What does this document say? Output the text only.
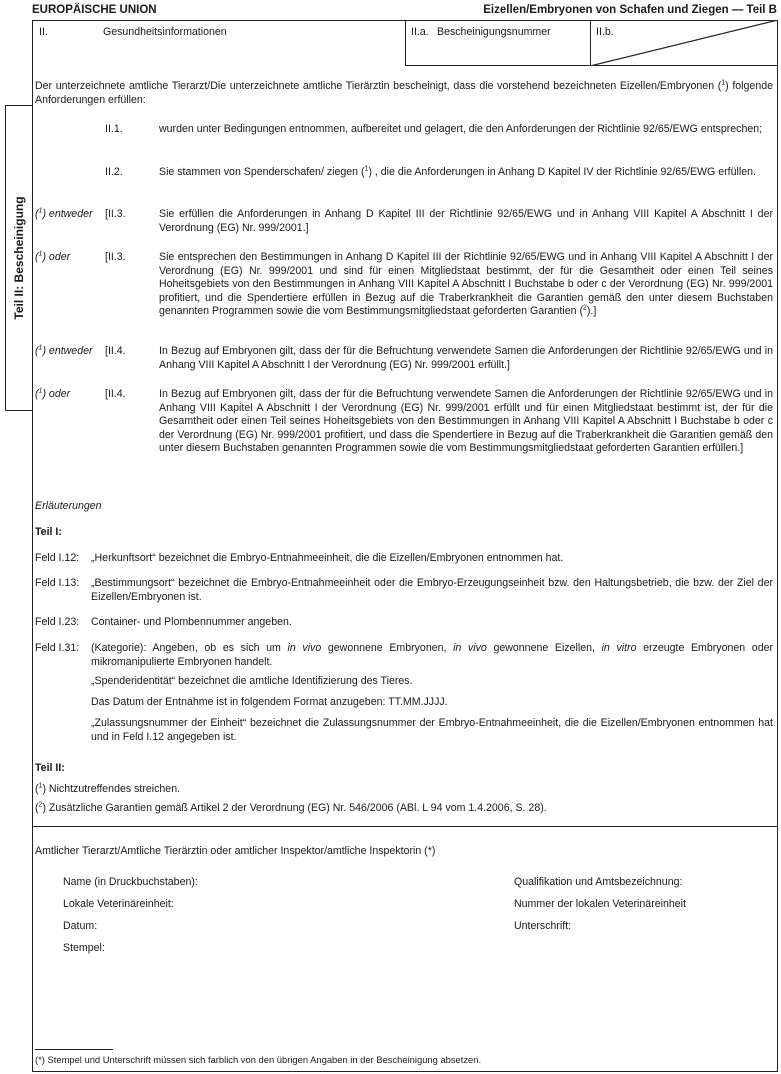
EUROPÄISCHE UNION	Eizellen/Embryonen von Schafen und Ziegen — Teil B
II.	Gesundheitsinformationen	II.a. Bescheinigungsnummer	II.b.
Teil II: Bescheinigung
Der unterzeichnete amtliche Tierarzt/Die unterzeichnete amtliche Tierärztin bescheinigt, dass die vorstehend bezeichneten Eizellen/Embryonen ($^1$) folgende Anforderungen erfüllen:
II.1.	wurden unter Bedingungen entnommen, aufbereitet und gelagert, die den Anforderungen der Richtlinie 92/65/EWG entsprechen;
II.2.	Sie stammen von Spenderschafen/ ziegen ($^1$) , die die Anforderungen in Anhang D Kapitel IV der Richtlinie 92/65/EWG erfüllen.
($^1$) entweder [II.3.	Sie erfüllen die Anforderungen in Anhang D Kapitel III der Richtlinie 92/65/EWG und in Anhang VIII Kapitel A Abschnitt I der Verordnung (EG) Nr. 999/2001.]
($^1$) oder	[II.3.	Sie entsprechen den Bestimmungen in Anhang D Kapitel III der Richtlinie 92/65/EWG und in Anhang VIII Kapitel A Abschnitt I der Verordnung (EG) Nr. 999/2001 und sind für einen Mitgliedstaat bestimmt, der für die Gesamtheit oder einen Teil seines Hoheitsgebiets von den Bestimmungen in Anhang VIII Kapitel A Abschnitt I Buchstabe b oder c der Verordnung (EG) Nr. 999/2001 profitiert, und die Spendertiere erfüllen in Bezug auf die Traberkrankheit die Garantien gemäß den unter diesem Buchstaben genannten Programmen sowie die vom Bestimmungsmitgliedstaat geforderten Garantien ($^2$).]
($^1$) entweder [II.4.	In Bezug auf Embryonen gilt, dass der für die Befruchtung verwendete Samen die Anforderungen der Richtlinie 92/65/EWG und in Anhang VIII Kapitel A Abschnitt I der Verordnung (EG) Nr. 999/2001 erfüllt.]
($^1$) oder	[II.4.	In Bezug auf Embryonen gilt, dass der für die Befruchtung verwendete Samen die Anforderungen der Richtlinie 92/65/EWG und in Anhang VIII Kapitel A Abschnitt I der Verordnung (EG) Nr. 999/2001 erfüllt und für einen Mitgliedstaat bestimmt ist, der für die Gesamtheit oder einen Teil seines Hoheitsgebiets von den Bestimmungen in Anhang VIII Kapitel A Abschnitt I Buchstabe b oder c der Verordnung (EG) Nr. 999/2001 profitiert, und dass die Spendertiere in Bezug auf die Traberkrankheit die Garantien gemäß den unter diesem Buchstaben genannten Programmen sowie die vom Bestimmungsmitgliedstaat geforderten Garantien erfüllen.]
Erläuterungen
Teil I:
Feld I.12: „Herkunftsort“ bezeichnet die Embryo-Entnahmeeinheit, die die Eizellen/Embryonen entnommen hat.
Feld I.13: „Bestimmungsort“ bezeichnet die Embryo-Entnahmeeinheit oder die Embryo-Erzeugungseinheit bzw. den Haltungsbetrieb, die bzw. der Ziel der Eizellen/Embryonen ist.
Feld I.23: Container- und Plombennummer angeben.
Feld I.31: (Kategorie): Angeben, ob es sich um in vivo gewonnene Embryonen, in vivo gewonnene Eizellen, in vitro erzeugte Embryonen oder mikromanipulierte Embryonen handelt.
„Spenderidentität“ bezeichnet die amtliche Identifizierung des Tieres.
Das Datum der Entnahme ist in folgendem Format anzugeben: TT.MM.JJJJ.
„Zulassungsnummer der Einheit“ bezeichnet die Zulassungsnummer der Embryo-Entnahmeeinheit, die die Eizellen/Embryonen entnommen hat und in Feld I.12 angegeben ist.
Teil II:
($^1$) Nichtzutreffendes streichen.
($^2$) Zusätzliche Garantien gemäß Artikel 2 der Verordnung (EG) Nr. 546/2006 (ABl. L 94 vom 1.4.2006, S. 28).
Amtlicher Tierarzt/Amtliche Tierärztin oder amtlicher Inspektor/amtliche Inspektorin (*)
Name (in Druckbuchstaben):
Lokale Veterinäreinheit:
Datum:
Stempel:
Qualifikation und Amtsbezeichnung:
Nummer der lokalen Veterinäreinheit
Unterschrift:
(*) Stempel und Unterschrift müssen sich farblich von den übrigen Angaben in der Bescheinigung absetzen.
